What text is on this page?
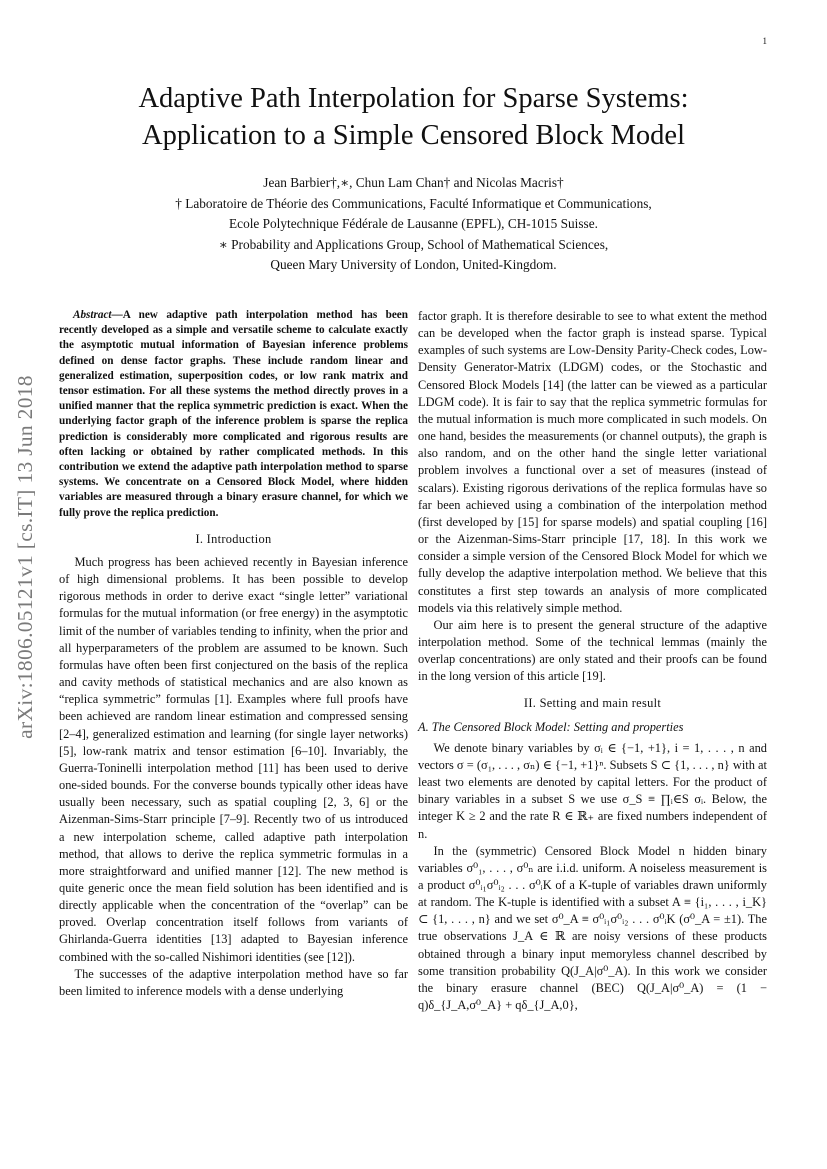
1
arXiv:1806.05121v1 [cs.IT] 13 Jun 2018
Adaptive Path Interpolation for Sparse Systems:
Application to a Simple Censored Block Model
Jean Barbier†,∗, Chun Lam Chan† and Nicolas Macris†
† Laboratoire de Théorie des Communications, Faculté Informatique et Communications,
Ecole Polytechnique Fédérale de Lausanne (EPFL), CH-1015 Suisse.
∗ Probability and Applications Group, School of Mathematical Sciences,
Queen Mary University of London, United-Kingdom.

Abstract—A new adaptive path interpolation method has been recently developed as a simple and versatile scheme to calculate exactly the asymptotic mutual information of Bayesian inference problems defined on dense factor graphs. These include random linear and generalized estimation, superposition codes, or low rank matrix and tensor estimation. For all these systems the method directly proves in a unified manner that the replica symmetric prediction is exact. When the underlying factor graph of the inference problem is sparse the replica prediction is considerably more complicated and rigorous results are often lacking or obtained by rather complicated methods. In this contribution we extend the adaptive path interpolation method to sparse systems. We concentrate on a Censored Block Model, where hidden variables are measured through a binary erasure channel, for which we fully prove the replica prediction.

I. Introduction

Much progress has been achieved recently in Bayesian inference of high dimensional problems. It has been possible to develop rigorous methods in order to derive exact “single letter” variational formulas for the mutual information (or free energy) in the asymptotic limit of the number of variables tending to infinity, when the prior and all hyperparameters of the problem are assumed to be known. Such formulas have often been first conjectured on the basis of the replica and cavity methods of statistical mechanics and are also known as “replica symmetric” formulas [1]. Examples where full proofs have been achieved are random linear estimation and compressed sensing [2–4], generalized estimation and learning (for single layer networks) [5], low-rank matrix and tensor estimation [6–10]. Invariably, the Guerra-Toninelli interpolation method [11] has been used to derive one-sided bounds. For the converse bounds typically other ideas have usually been necessary, such as spatial coupling [2, 3, 6] or the Aizenman-Sims-Starr principle [7–9]. Recently two of us introduced a new interpolation scheme, called adaptive path interpolation method, that allows to derive the replica symmetric formulas in a more straightforward and unified manner [12]. The new method is quite generic once the mean field solution has been identified and is directly applicable when the concentration of the “overlap” can be proved. Overlap concentration itself follows from variants of Ghirlanda-Guerra identities [13] adapted to Bayesian inference combined with the so-called Nishimori identities (see [12]).

The successes of the adaptive interpolation method have so far been limited to inference models with a dense underlying

factor graph. It is therefore desirable to see to what extent the method can be developed when the factor graph is instead sparse. Typical examples of such systems are Low-Density Parity-Check codes, Low-Density Generator-Matrix (LDGM) codes, or the Stochastic and Censored Block Models [14] (the latter can be viewed as a particular LDGM code). It is fair to say that the replica symmetric formulas for the mutual information is much more complicated in such models. On one hand, besides the measurements (or channel outputs), the graph is also random, and on the other hand the single letter variational problem involves a functional over a set of measures (instead of scalars). Existing rigorous derivations of the replica formulas have so far been achieved using a combination of the interpolation method (first developed by [15] for sparse models) and spatial coupling [16] or the Aizenman-Sims-Starr principle [17, 18]. In this work we consider a simple version of the Censored Block Model for which we fully develop the adaptive interpolation method. We believe that this constitutes a first step towards an analysis of more complicated models via this relatively simple method.

Our aim here is to present the general structure of the adaptive interpolation method. Some of the technical lemmas (mainly the overlap concentrations) are only stated and their proofs can be found in the long version of this article [19].

II. Setting and main result
A. The Censored Block Model: Setting and properties

We denote binary variables by σᵢ ∈ {−1, +1}, i = 1, . . . , n and vectors σ = (σ₁, . . . , σₙ) ∈ {−1, +1}ⁿ. Subsets S ⊂ {1, . . . , n} with at least two elements are denoted by capital letters. For the product of binary variables in a subset S we use σ_S ≡ ∏ᵢ∈S σᵢ. Below, the integer K ≥ 2 and the rate R ∈ ℝ₊ are fixed numbers independent of n.

In the (symmetric) Censored Block Model n hidden binary variables σ⁰₁, . . . , σ⁰ₙ are i.i.d. uniform. A noiseless measurement is a product σ⁰ᵢ₁σ⁰ᵢ₂ . . . σ⁰ᵢK of a K-tuple of variables drawn uniformly at random. The K-tuple is identified with a subset A ≡ {i₁, . . . , i_K} ⊂ {1, . . . , n} and we set σ⁰_A ≡ σ⁰ᵢ₁σ⁰ᵢ₂ . . . σ⁰ᵢK (σ⁰_A = ±1). The true observations J_A ∈ ℝ are noisy versions of these products obtained through a binary input memoryless channel described by some transition probability Q(J_A|σ⁰_A). In this work we consider the binary erasure channel (BEC) Q(J_A|σ⁰_A) = (1 − q)δ_{J_A,σ⁰_A} + qδ_{J_A,0},
